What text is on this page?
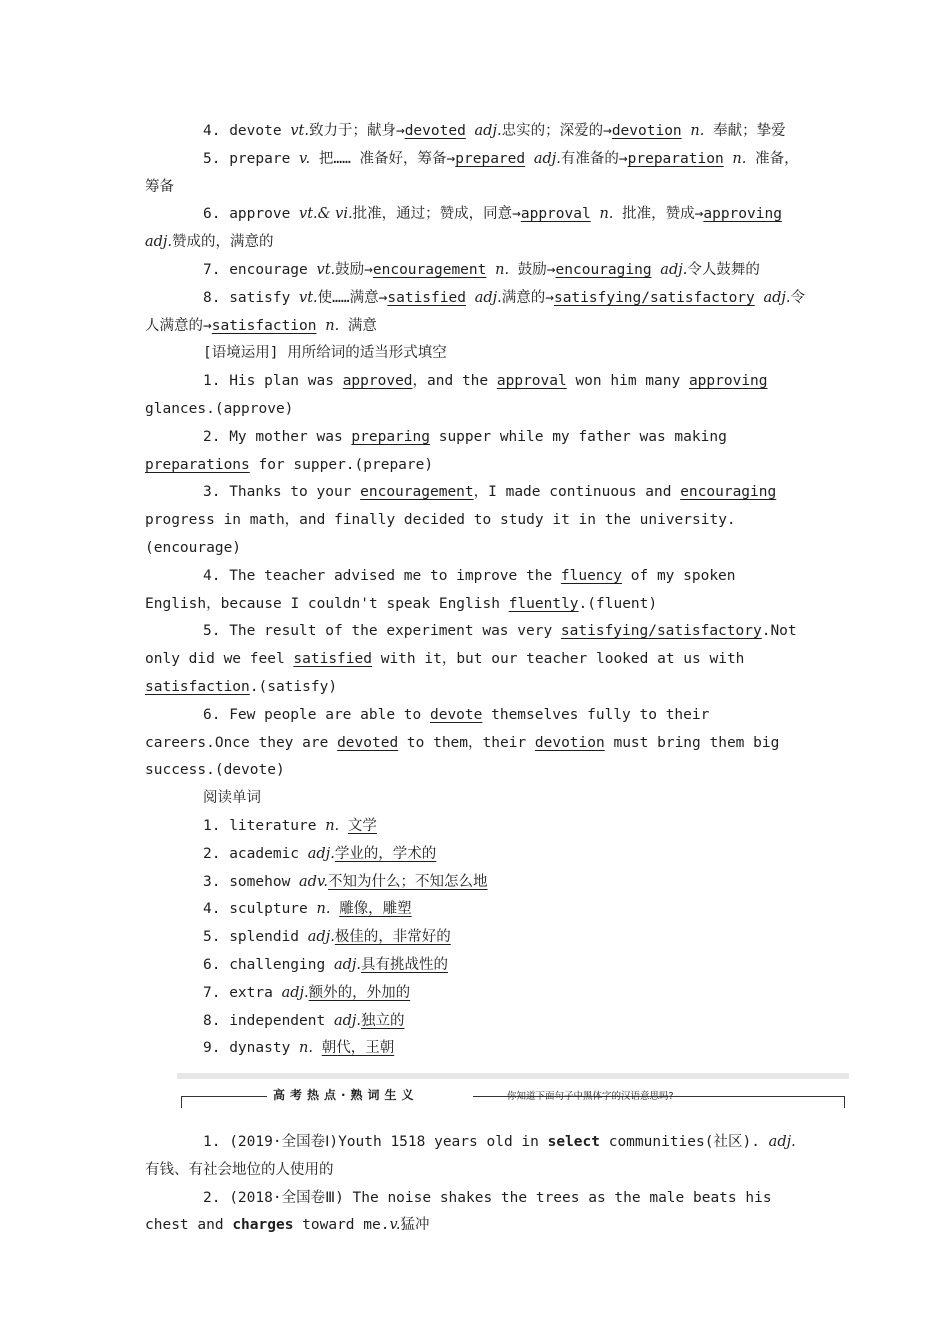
4. devote vt.致力于；献身→devoted adj.忠实的；深爱的→devotion n. 奉献；挚爱

5. prepare v. 把…… 准备好，筹备→prepared adj.有准备的→preparation n. 准备，筹备

6. approve vt.& vi.批准，通过；赞成，同意→approval n. 批准，赞成→approving adj.赞成的，满意的

7. encourage vt.鼓励→encouragement n. 鼓励→encouraging adj.令人鼓舞的

8. satisfy vt.使……满意→satisfied adj.满意的→satisfying/satisfactory adj.令人满意的→satisfaction n. 满意

[语境运用] 用所给词的适当形式填空

1. His plan was approved，and the approval won him many approving glances.(approve)

2. My mother was preparing supper while my father was making preparations for supper.(prepare)

3. Thanks to your encouragement，I made continuous and encouraging progress in math，and finally decided to study it in the university.(encourage)

4. The teacher advised me to improve the fluency of my spoken English，because I couldn't speak English fluently.(fluent)

5. The result of the experiment was very satisfying/satisfactory.Not only did we feel satisfied with it，but our teacher looked at us with satisfaction.(satisfy)

6. Few people are able to devote themselves fully to their careers.Once they are devoted to them，their devotion must bring them big success.(devote)

阅读单词

1. literature n. 文学

2. academic adj.学业的，学术的

3. somehow adv.不知为什么；不知怎么地

4. sculpture n. 雕像，雕塑

5. splendid adj.极佳的，非常好的

6. challenging adj.具有挑战性的

7. extra adj.额外的，外加的

8. independent adj.独立的

9. dynasty n. 朝代，王朝

高考热点·熟词生义	你知道下面句子中黑体字的汉语意思吗?

1. (2019·全国卷Ⅰ)Youth 1518 years old in select communities(社区). adj.有钱、有社会地位的人使用的

2. (2018·全国卷Ⅲ) The noise shakes the trees as the male beats his chest and charges toward me.v.猛冲
